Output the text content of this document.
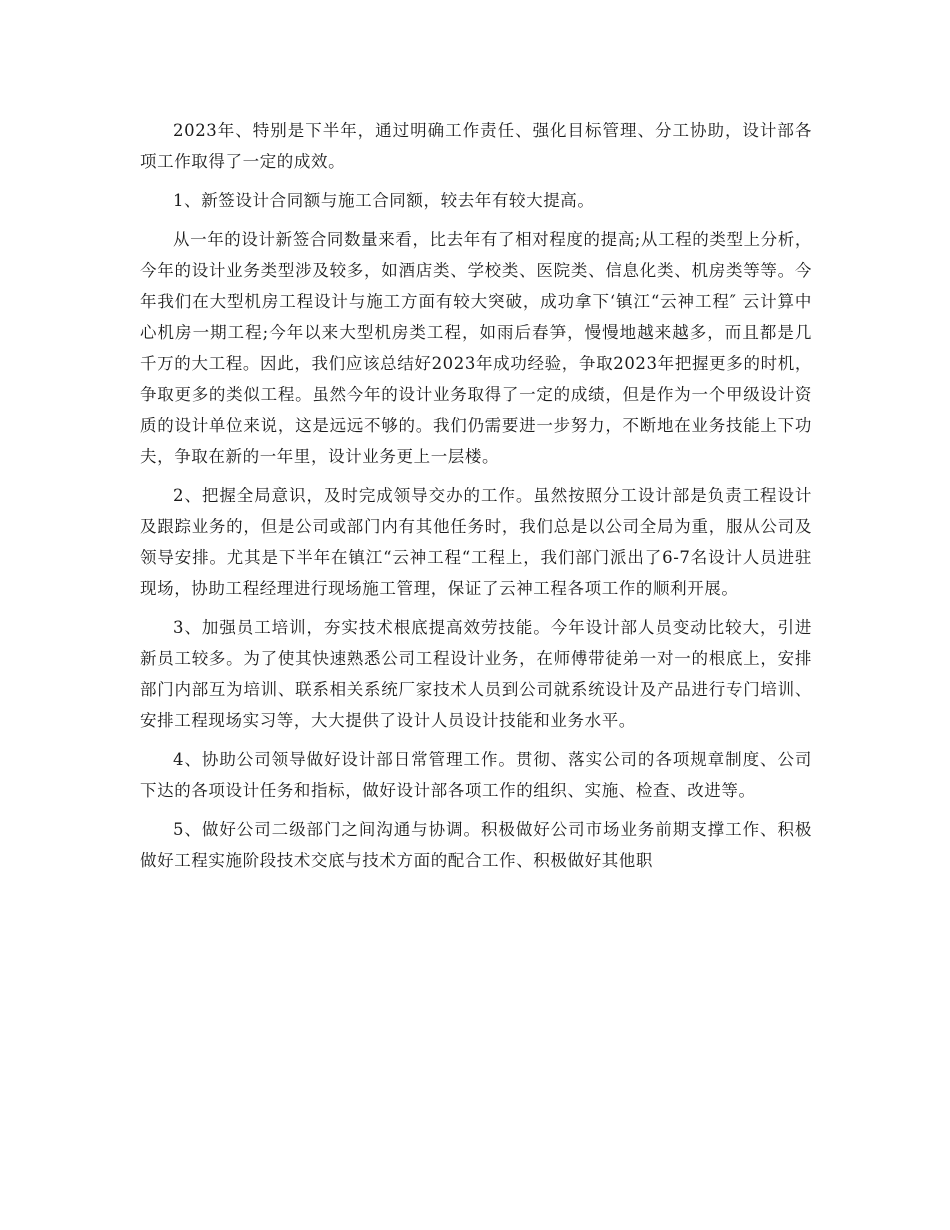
2023年、特别是下半年，通过明确工作责任、强化目标管理、分工协助，设计部各项工作取得了一定的成效。

1、新签设计合同额与施工合同额，较去年有较大提高。

从一年的设计新签合同数量来看，比去年有了相对程度的提高;从工程的类型上分析，今年的设计业务类型涉及较多，如酒店类、学校类、医院类、信息化类、机房类等等。今年我们在大型机房工程设计与施工方面有较大突破，成功拿下‘镇江“云神工程″ 云计算中心机房一期工程;今年以来大型机房类工程，如雨后春笋，慢慢地越来越多，而且都是几千万的大工程。因此，我们应该总结好2023年成功经验，争取2023年把握更多的时机，争取更多的类似工程。虽然今年的设计业务取得了一定的成绩，但是作为一个甲级设计资质的设计单位来说，这是远远不够的。我们仍需要进一步努力，不断地在业务技能上下功夫，争取在新的一年里，设计业务更上一层楼。

2、把握全局意识，及时完成领导交办的工作。虽然按照分工设计部是负责工程设计及跟踪业务的，但是公司或部门内有其他任务时，我们总是以公司全局为重，服从公司及领导安排。尤其是下半年在镇江“云神工程“工程上，我们部门派出了6-7名设计人员进驻现场，协助工程经理进行现场施工管理，保证了云神工程各项工作的顺利开展。

3、加强员工培训，夯实技术根底提高效劳技能。今年设计部人员变动比较大，引进新员工较多。为了使其快速熟悉公司工程设计业务，在师傅带徒弟一对一的根底上，安排部门内部互为培训、联系相关系统厂家技术人员到公司就系统设计及产品进行专门培训、安排工程现场实习等，大大提供了设计人员设计技能和业务水平。

4、协助公司领导做好设计部日常管理工作。贯彻、落实公司的各项规章制度、公司下达的各项设计任务和指标，做好设计部各项工作的组织、实施、检查、改进等。

5、做好公司二级部门之间沟通与协调。积极做好公司市场业务前期支撑工作、积极做好工程实施阶段技术交底与技术方面的配合工作、积极做好其他职
